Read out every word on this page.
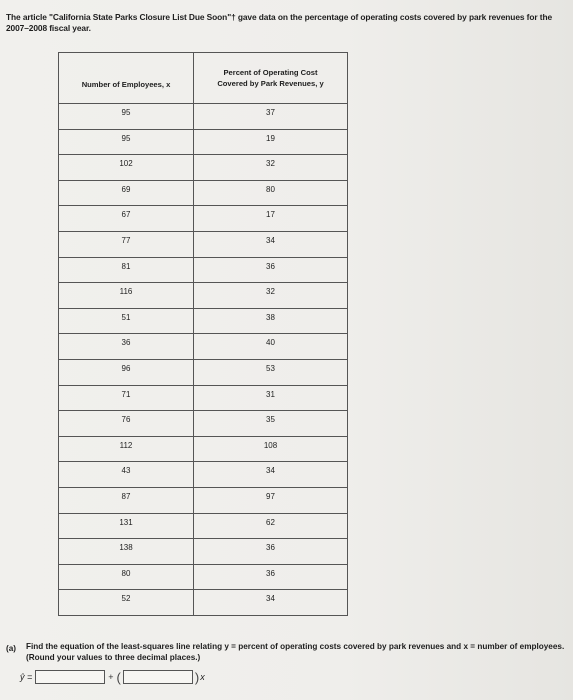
The article "California State Parks Closure List Due Soon"† gave data on the percentage of operating costs covered by park revenues for the 2007–2008 fiscal year.
Number of Employees, x	Percent of Operating Cost
Covered by Park Revenues, y
95	37
95	19
102	32
69	80
67	17
77	34
81	36
116	32
51	38
36	40
96	53
71	31
76	35
112	108
43	34
87	97
131	62
138	36
80	36
52	34
(a) Find the equation of the least-squares line relating y = percent of operating costs covered by park revenues and x = number of employees. (Round your values to three decimal places.)
ŷ =	+ (	) x
